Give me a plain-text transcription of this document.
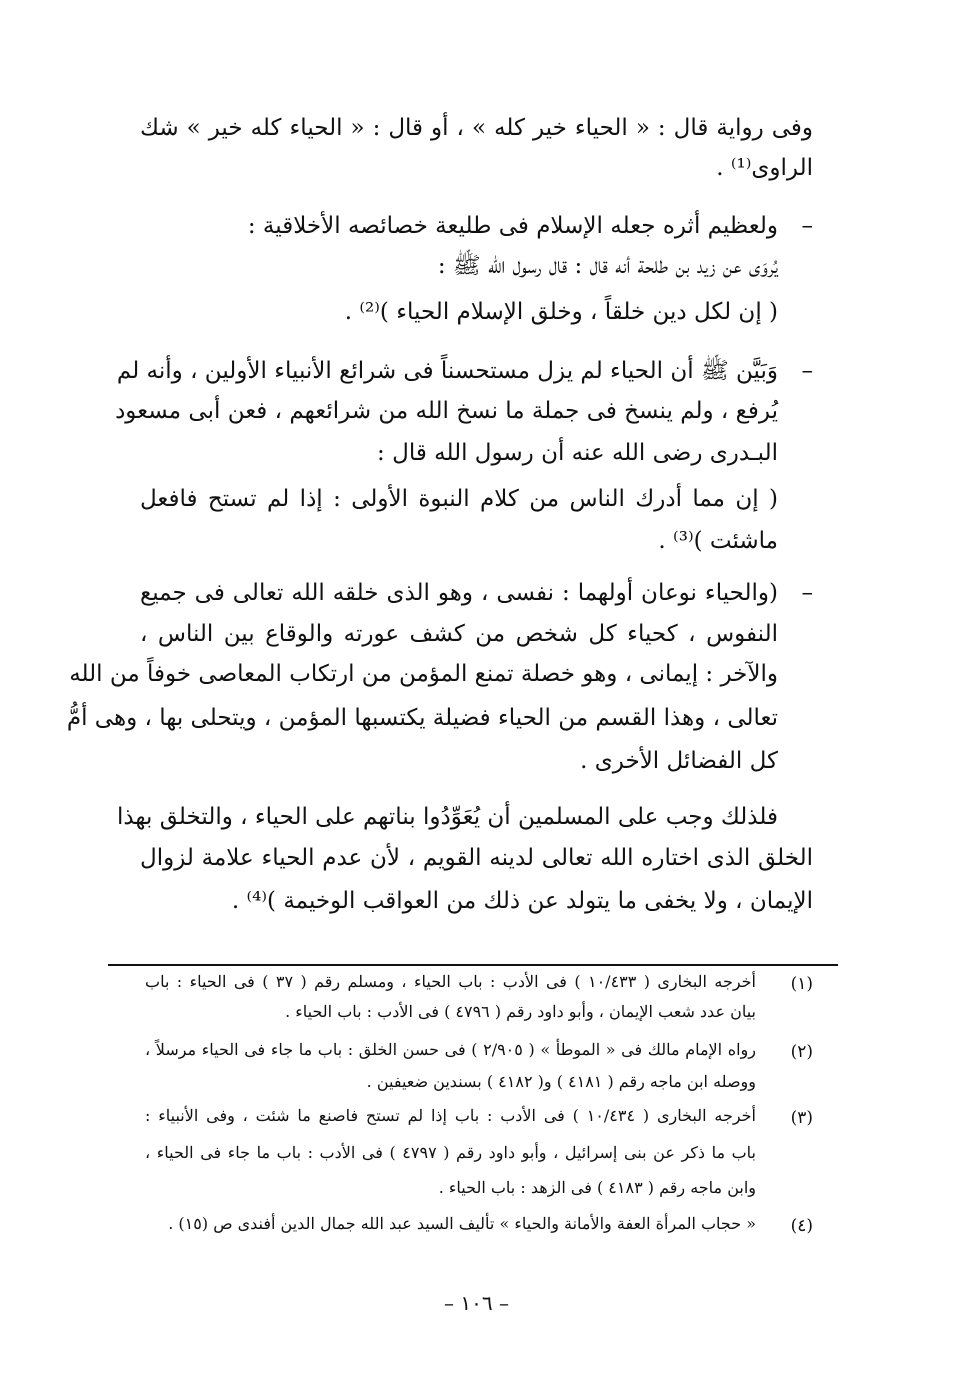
وفى رواية قال : « الحياء خير كله » ، أو قال : « الحياء كله خير » شك
الراوى⁽¹⁾ .
–
ولعظيم أثره جعله الإسلام فى طليعة خصائصه الأخلاقية :
يُروَى عن زيد بن طلحة أنه قال : قال رسول الله ﷺ :
( إن لكل دين خلقاً ، وخلق الإسلام الحياء )⁽²⁾ .
–
وَبَيَّن ﷺ أن الحياء لم يزل مستحسناً فى شرائع الأنبياء الأولين ، وأنه لم
يُرفع ، ولم ينسخ فى جملة ما نسخ الله من شرائعهم ، فعن أبى مسعود
البـدرى رضى الله عنه أن رسول الله قال :
( إن مما أدرك الناس من كلام النبوة الأولى : إذا لم تستح فافعل
ماشئت )⁽³⁾ .
–
(والحياء نوعان أولهما : نفسى ، وهو الذى خلقه الله تعالى فى جميع
النفوس ، كحياء كل شخص من كشف عورته والوقاع بين الناس ،
والآخر : إيمانى ، وهو خصلة تمنع المؤمن من ارتكاب المعاصى خوفاً من الله
تعالى ، وهذا القسم من الحياء فضيلة يكتسبها المؤمن ، ويتحلى بها ، وهى أمُّ
كل الفضائل الأخرى .
فلذلك وجب على المسلمين أن يُعَوِّدُوا بناتهم على الحياء ، والتخلق بهذا
الخلق الذى اختاره الله تعالى لدينه القويم ، لأن عدم الحياء علامة لزوال
الإيمان ، ولا يخفى ما يتولد عن ذلك من العواقب الوخيمة )⁽⁴⁾ .
(١)
أخرجه البخارى ( ١٠/٤٣٣ ) فى الأدب : باب الحياء ، ومسلم رقم ( ٣٧ ) فى الحياء : باب
بيان عدد شعب الإيمان ، وأبو داود رقم ( ٤٧٩٦ ) فى الأدب : باب الحياء .
(٢)
رواه الإمام مالك فى « الموطأ » ( ٢/٩٠٥ ) فى حسن الخلق : باب ما جاء فى الحياء مرسلاً ،
ووصله ابن ماجه رقم ( ٤١٨١ ) و( ٤١٨٢ ) بسندين ضعيفين .
(٣)
أخرجه البخارى ( ١٠/٤٣٤ ) فى الأدب : باب إذا لم تستح فاصنع ما شئت ، وفى الأنبياء :
باب ما ذكر عن بنى إسرائيل ، وأبو داود رقم ( ٤٧٩٧ ) فى الأدب : باب ما جاء فى الحياء ،
وابن ماجه رقم ( ٤١٨٣ ) فى الزهد : باب الحياء .
(٤)
« حجاب المرأة العفة والأمانة والحياء » تأليف السيد عبد الله جمال الدين أفندى ص (١٥) .
– ١٠٦ –
